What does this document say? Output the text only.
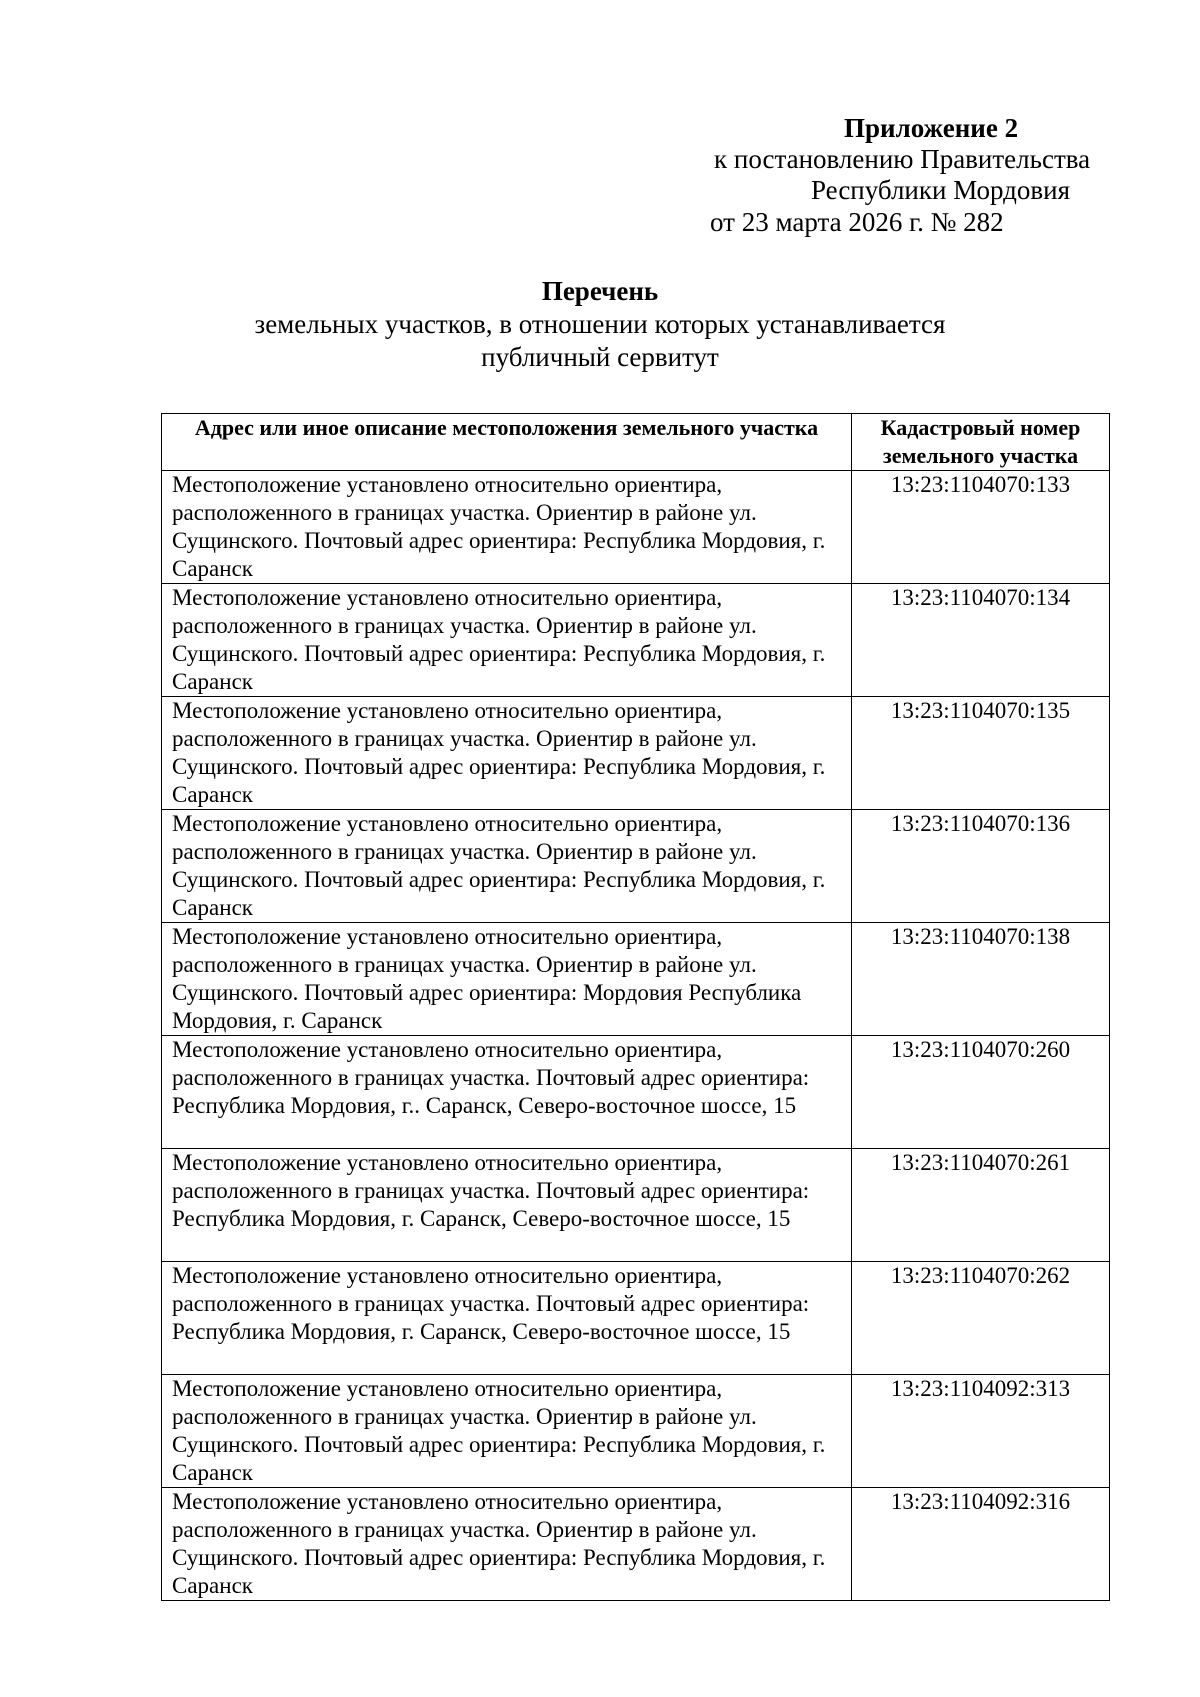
Приложение 2
к постановлению Правительства
Республики Мордовия
от 23 марта 2026 г. № 282
Перечень
земельных участков, в отношении которых устанавливается публичный сервитут
Адрес или иное описание местоположения земельного участка	Кадастровый номер земельного участка
Местоположение установлено относительно ориентира, расположенного в границах участка. Ориентир в районе ул. Сущинского. Почтовый адрес ориентира: Республика Мордовия, г. Саранск	13:23:1104070:133
Местоположение установлено относительно ориентира, расположенного в границах участка. Ориентир в районе ул. Сущинского. Почтовый адрес ориентира: Республика Мордовия, г. Саранск	13:23:1104070:134
Местоположение установлено относительно ориентира, расположенного в границах участка. Ориентир в районе ул. Сущинского. Почтовый адрес ориентира: Республика Мордовия, г. Саранск	13:23:1104070:135
Местоположение установлено относительно ориентира, расположенного в границах участка. Ориентир в районе ул. Сущинского. Почтовый адрес ориентира: Республика Мордовия, г. Саранск	13:23:1104070:136
Местоположение установлено относительно ориентира, расположенного в границах участка. Ориентир в районе ул. Сущинского. Почтовый адрес ориентира: Мордовия Республика Мордовия, г. Саранск	13:23:1104070:138
Местоположение установлено относительно ориентира, расположенного в границах участка. Почтовый адрес ориентира: Республика Мордовия, г.. Саранск, Северо-восточное шоссе, 15	13:23:1104070:260
Местоположение установлено относительно ориентира, расположенного в границах участка. Почтовый адрес ориентира: Республика Мордовия, г. Саранск, Северо-восточное шоссе, 15	13:23:1104070:261
Местоположение установлено относительно ориентира, расположенного в границах участка. Почтовый адрес ориентира: Республика Мордовия, г. Саранск, Северо-восточное шоссе, 15	13:23:1104070:262
Местоположение установлено относительно ориентира, расположенного в границах участка. Ориентир в районе ул. Сущинского. Почтовый адрес ориентира: Республика Мордовия, г. Саранск	13:23:1104092:313
Местоположение установлено относительно ориентира, расположенного в границах участка. Ориентир в районе ул. Сущинского. Почтовый адрес ориентира: Республика Мордовия, г. Саранск	13:23:1104092:316
